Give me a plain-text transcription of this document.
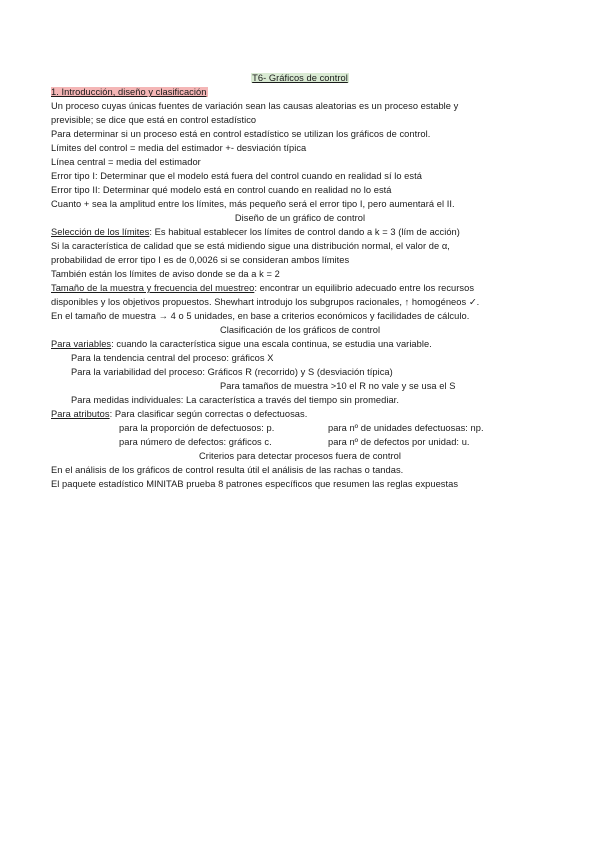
T6- Gráficos de control
1. Introducción, diseño y clasificación
Un proceso cuyas únicas fuentes de variación sean las causas aleatorias es un proceso estable y
previsible; se dice que está en control estadístico
Para determinar si un proceso está en control estadístico se utilizan los gráficos de control.
Límites del control = media del estimador +- desviación típica
Línea central = media del estimador
Error tipo I: Determinar que el modelo está fuera del control cuando en realidad sí lo está
Error tipo II: Determinar qué modelo está en control cuando en realidad no lo está
Cuanto + sea la amplitud entre los límites, más pequeño será el error tipo I, pero aumentará el II.
Diseño de un gráfico de control
Selección de los límites: Es habitual establecer los límites de control dando a k = 3 (lím de acción)
Si la característica de calidad que se está midiendo sigue una distribución normal, el valor de α,
probabilidad de error tipo I es de 0,0026 si se consideran ambos límites
También están los límites de aviso donde se da a k = 2
Tamaño de la muestra y frecuencia del muestreo: encontrar un equilibrio adecuado entre los recursos
disponibles y los objetivos propuestos. Shewhart introdujo los subgrupos racionales, ↑ homogéneos ✓.
En el tamaño de muestra → 4 o 5 unidades, en base a criterios económicos y facilidades de cálculo.
Clasificación de los gráficos de control
Para variables: cuando la característica sigue una escala continua, se estudia una variable.
Para la tendencia central del proceso: gráficos X
Para la variabilidad del proceso: Gráficos R (recorrido) y S (desviación típica)
Para tamaños de muestra >10 el R no vale y se usa el S
Para medidas individuales: La característica a través del tiempo sin promediar.
Para atributos: Para clasificar según correctas o defectuosas.
para la proporción de defectuosos: p.	para nº de unidades defectuosas: np.
para número de defectos: gráficos c.	para nº de defectos por unidad: u.
Criterios para detectar procesos fuera de control
En el análisis de los gráficos de control resulta útil el análisis de las rachas o tandas.
El paquete estadístico MINITAB prueba 8 patrones específicos que resumen las reglas expuestas
